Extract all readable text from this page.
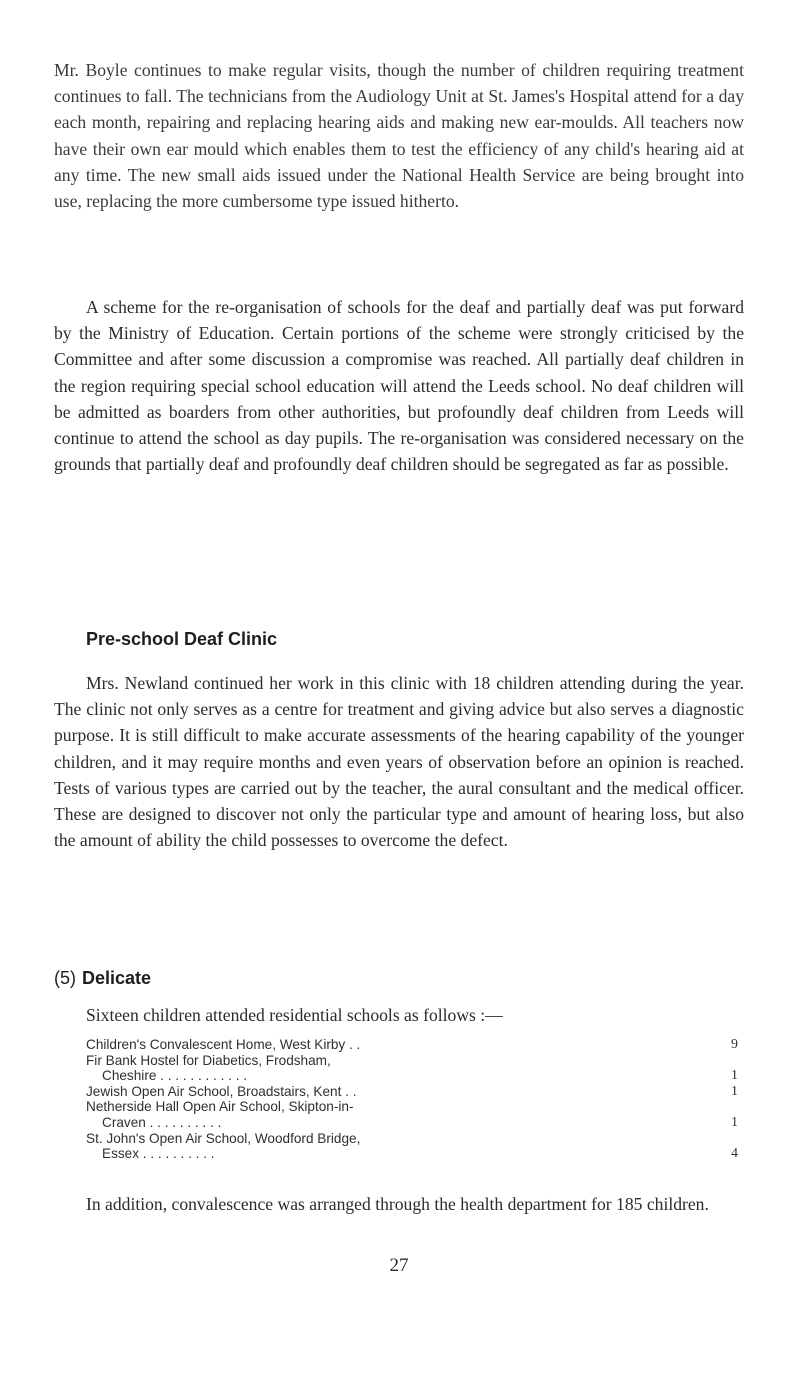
Mr. Boyle continues to make regular visits, though the number of children requiring treatment continues to fall. The technicians from the Audiology Unit at St. James's Hospital attend for a day each month, repairing and replacing hearing aids and making new ear-moulds. All teachers now have their own ear mould which enables them to test the efficiency of any child's hearing aid at any time. The new small aids issued under the National Health Service are being brought into use, replacing the more cumbersome type issued hitherto.

A scheme for the re-organisation of schools for the deaf and partially deaf was put forward by the Ministry of Education. Certain portions of the scheme were strongly criticised by the Committee and after some discussion a compromise was reached. All partially deaf children in the region requiring special school education will attend the Leeds school. No deaf children will be admitted as boarders from other authorities, but profoundly deaf children from Leeds will continue to attend the school as day pupils. The re-organisation was considered necessary on the grounds that partially deaf and profoundly deaf children should be segregated as far as possible.

Pre-school Deaf Clinic

Mrs. Newland continued her work in this clinic with 18 children attending during the year. The clinic not only serves as a centre for treatment and giving advice but also serves a diagnostic purpose. It is still difficult to make accurate assessments of the hearing capability of the younger children, and it may require months and even years of observation before an opinion is reached. Tests of various types are carried out by the teacher, the aural consultant and the medical officer. These are designed to discover not only the particular type and amount of hearing loss, but also the amount of ability the child possesses to overcome the defect.

(5) Delicate
Sixteen children attended residential schools as follows :—
Children's Convalescent Home, West Kirby . .	9
Fir Bank Hostel for Diabetics, Frodsham,
Cheshire . . . . . . . . . . . .	1
Jewish Open Air School, Broadstairs, Kent . .	1
Netherside Hall Open Air School, Skipton-in-
Craven . . . . . . . . . .	1
St. John's Open Air School, Woodford Bridge,
Essex . . . . . . . . . .	4

In addition, convalescence was arranged through the health department for 185 children.

27
